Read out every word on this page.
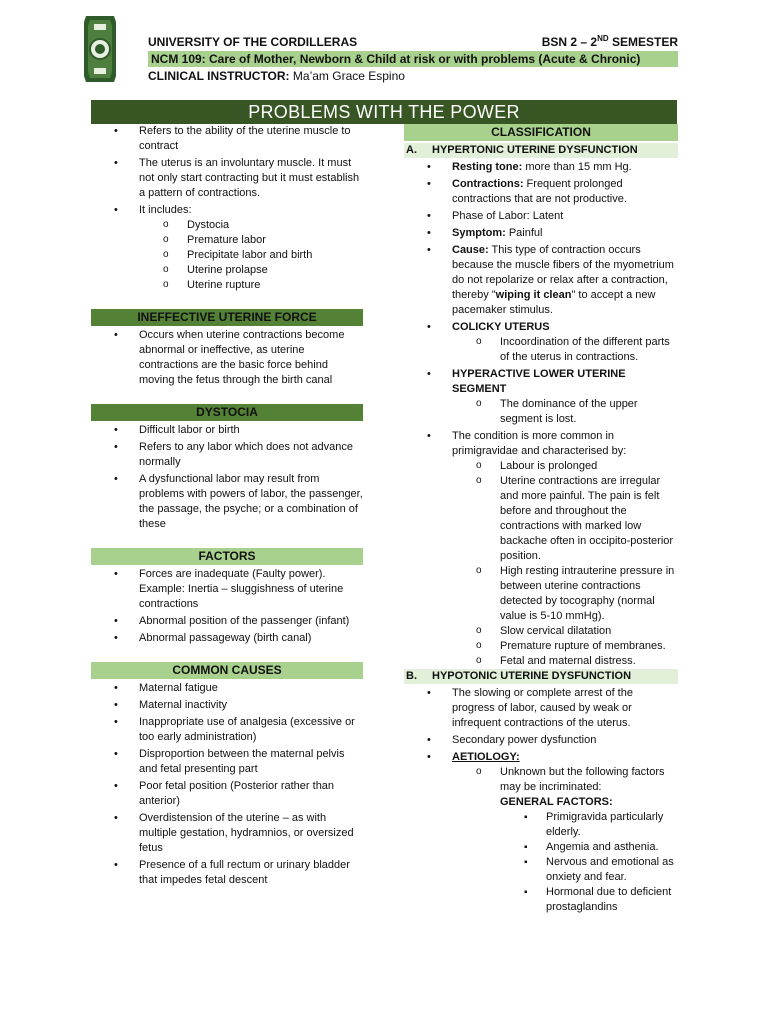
UNIVERSITY OF THE CORDILLERAS	BSN 2 – 2ND SEMESTER
NCM 109: Care of Mother, Newborn & Child at risk or with problems (Acute & Chronic)
CLINICAL INSTRUCTOR: Ma’am Grace Espino
PROBLEMS WITH THE POWER
• Refers to the ability of the uterine muscle to contract
• The uterus is an involuntary muscle. It must not only start contracting but it must establish a pattern of contractions.
• It includes:
o Dystocia
o Premature labor
o Precipitate labor and birth
o Uterine prolapse
o Uterine rupture
INEFFECTIVE UTERINE FORCE
• Occurs when uterine contractions become abnormal or ineffective, as uterine contractions are the basic force behind moving the fetus through the birth canal
DYSTOCIA
• Difficult labor or birth
• Refers to any labor which does not advance normally
• A dysfunctional labor may result from problems with powers of labor, the passenger, the passage, the psyche; or a combination of these
FACTORS
• Forces are inadequate (Faulty power). Example: Inertia – sluggishness of uterine contractions
• Abnormal position of the passenger (infant)
• Abnormal passageway (birth canal)
COMMON CAUSES
• Maternal fatigue
• Maternal inactivity
• Inappropriate use of analgesia (excessive or too early administration)
• Disproportion between the maternal pelvis and fetal presenting part
• Poor fetal position (Posterior rather than anterior)
• Overdistension of the uterine – as with multiple gestation, hydramnios, or oversized fetus
• Presence of a full rectum or urinary bladder that impedes fetal descent
CLASSIFICATION
A.	HYPERTONIC UTERINE DYSFUNCTION
• Resting tone: more than 15 mm Hg.
• Contractions: Frequent prolonged contractions that are not productive.
• Phase of Labor: Latent
• Symptom: Painful
• Cause: This type of contraction occurs because the muscle fibers of the myometrium do not repolarize or relax after a contraction, thereby "wiping it clean" to accept a new pacemaker stimulus.
• COLICKY UTERUS
o Incoordination of the different parts of the uterus in contractions.
• HYPERACTIVE LOWER UTERINE SEGMENT
o The dominance of the upper segment is lost.
• The condition is more common in primigravidae and characterised by:
o Labour is prolonged
o Uterine contractions are irregular and more painful. The pain is felt before and throughout the contractions with marked low backache often in occipito-posterior position.
o High resting intrauterine pressure in between uterine contractions detected by tocography (normal value is 5-10 mmHg).
o Slow cervical dilatation
o Premature rupture of membranes.
o Fetal and maternal distress.
B.	HYPOTONIC UTERINE DYSFUNCTION
• The slowing or complete arrest of the progress of labor, caused by weak or infrequent contractions of the uterus.
• Secondary power dysfunction
• AETIOLOGY:
o Unknown but the following factors may be incriminated:
GENERAL FACTORS:
▪ Primigravida particularly elderly.
▪ Angemia and asthenia.
▪ Nervous and emotional as onxiety and fear.
▪ Hormonal due to deficient prostaglandins
